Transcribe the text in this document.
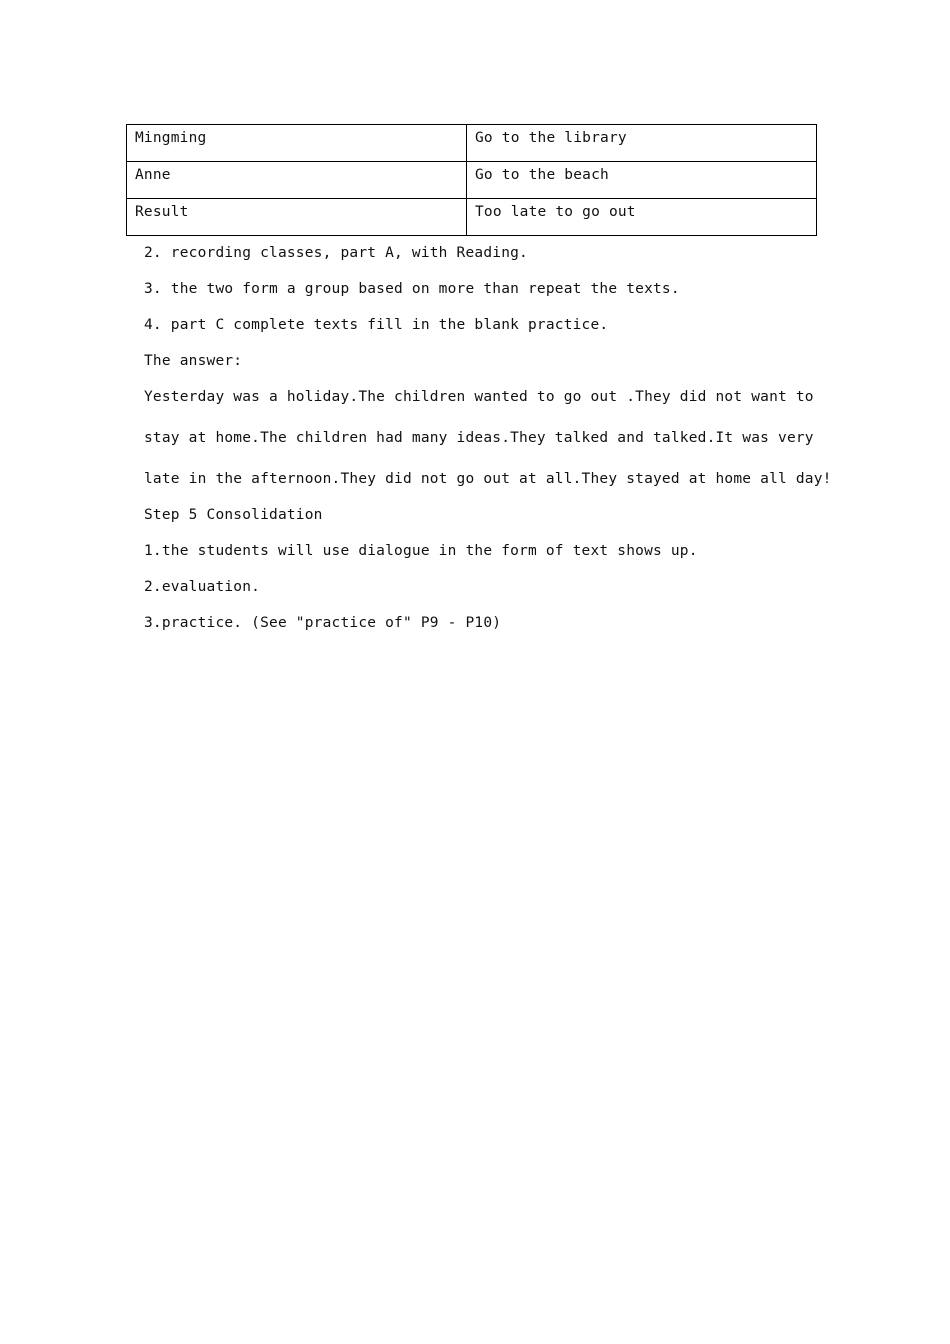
Mingming	Go to the library
Anne	Go to the beach
Result	Too late to go out
2. recording classes, part A, with Reading.
3. the two form a group based on more than repeat the texts.
4. part C complete texts fill in the blank practice.
The answer:
Yesterday was a holiday.The children wanted to go out .They did not want to
stay at home.The children had many ideas.They talked and talked.It was very
late in the afternoon.They did not go out at all.They stayed at home all day!
Step 5 Consolidation
1.the students will use dialogue in the form of text shows up.
2.evaluation.
3.practice. (See "practice of" P9 - P10)
